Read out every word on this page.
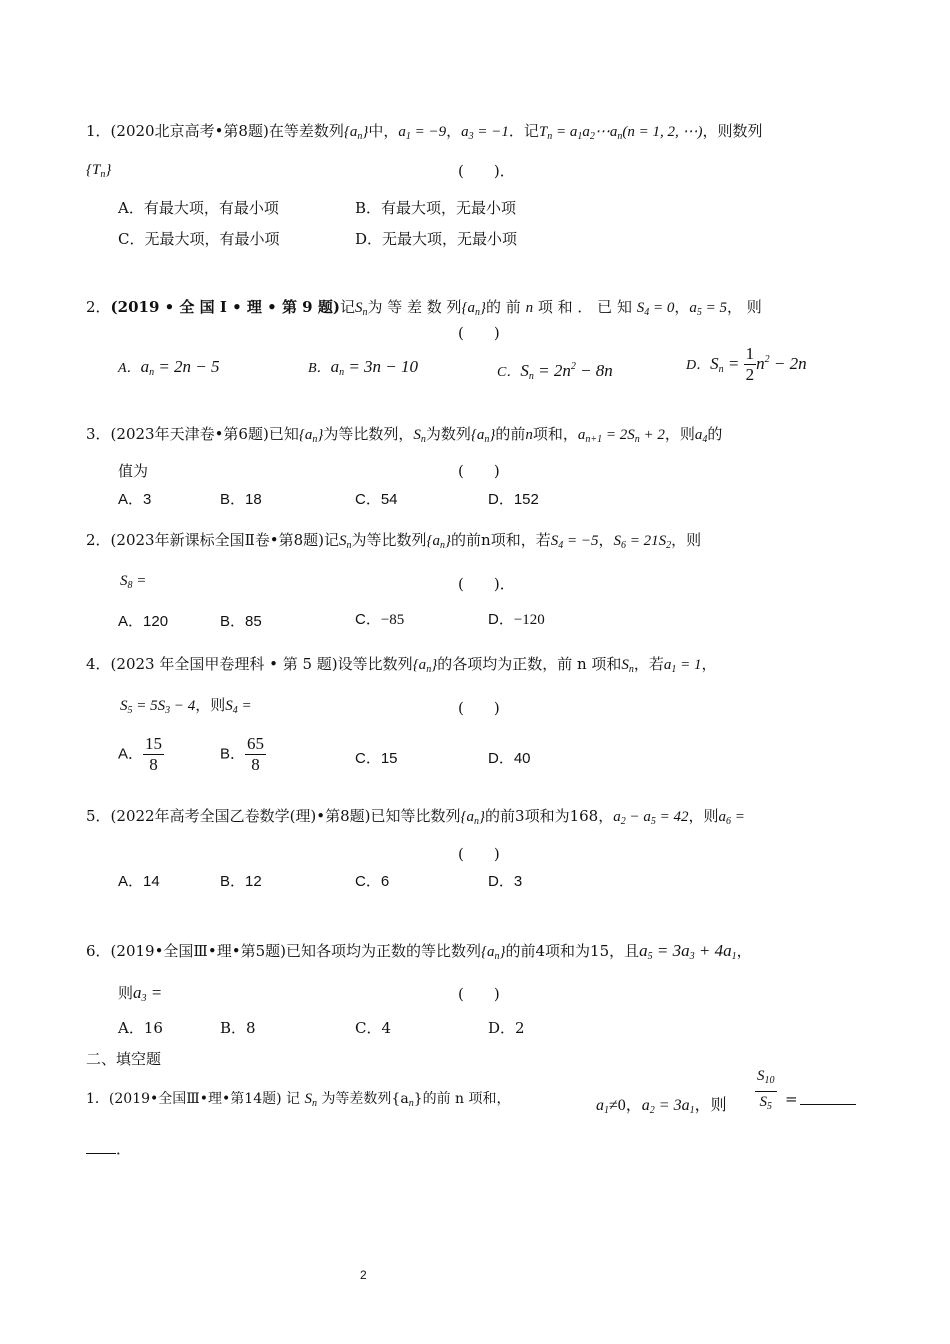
1．(2020北京高考•第8题)在等差数列$\{a_n\}$中，$a_1 = -9$，$a_3 = -1$．记$T_n$ = $a_1a_2\cdots a_n(n = 1$, 2, ⋯)，则数列
$\{T_n\}$	(　　)．
A．有最大项，有最小项	B．有最大项，无最小项
C．无最大项，有最小项	D．无最大项，无最小项
2．(2019 • 全 国 Ⅰ • 理 • 第 9 题)记$S_n$为 等 差 数 列$\{a_n\}$的 前 n 项 和 ． 已 知 $S_4 = 0$，$a_5 = 5$， 则
(　　)
A．$a_n = 2n - 5$	B．$a_n = 3n - 10$	C．$S_n = 2n^2 - 8n$	D．$S_n = \frac{1}{2} n^2 - 2n$
3．(2023年天津卷•第6题)已知$\{a_n\}$为等比数列，$S_n$为数列$\{a_n\}$的前n项和，$a_{n+1} = 2S_n + 2$，则$a_4$的
值为	(　　)
A．3	B．18	C．54	D．152
2．(2023年新课标全国Ⅱ卷•第8题)记$S_n$为等比数列$\{a_n\}$的前n项和，若$S_4 = -5$，$S_6 = 21S_2$，则
$S_8$ =	(　　)．
A．120	B．85	C．−85	D．−120
4．(2023 年全国甲卷理科 • 第 5 题)设等比数列$\{a_n\}$的各项均为正数，前 n 项和$S_n$，若$a_1 = 1$，
$S_5 = 5S_3 - 4$，则$S_4$ =	(　　)
A． $\frac{15}{8}$	B． $\frac{65}{8}$	C．15	D．40
5．(2022年高考全国乙卷数学(理)•第8题)已知等比数列$\{a_n\}$的前3项和为168，$a_2 - a_5 = 42$，则$a_6$ =
(　　)
A．14	B．12	C．6	D．3
6．(2019•全国Ⅲ•理•第5题)已知各项均为正数的等比数列$\{a_n\}$的前4项和为15，且$a_5 = 3a_3 + 4a_1$，
则$a_3$ =	(　　)
A．16	B．8	C．4	D．2
二、填空题
1．(2019•全国Ⅲ•理•第14题) 记 $S_n$ 为等差数列$\{a_n\}$的前 n 项和，	$a_1\ne 0$，$a_2 = 3a_1$，则 $\frac{S_{10}}{S_5}$ =
．
2
